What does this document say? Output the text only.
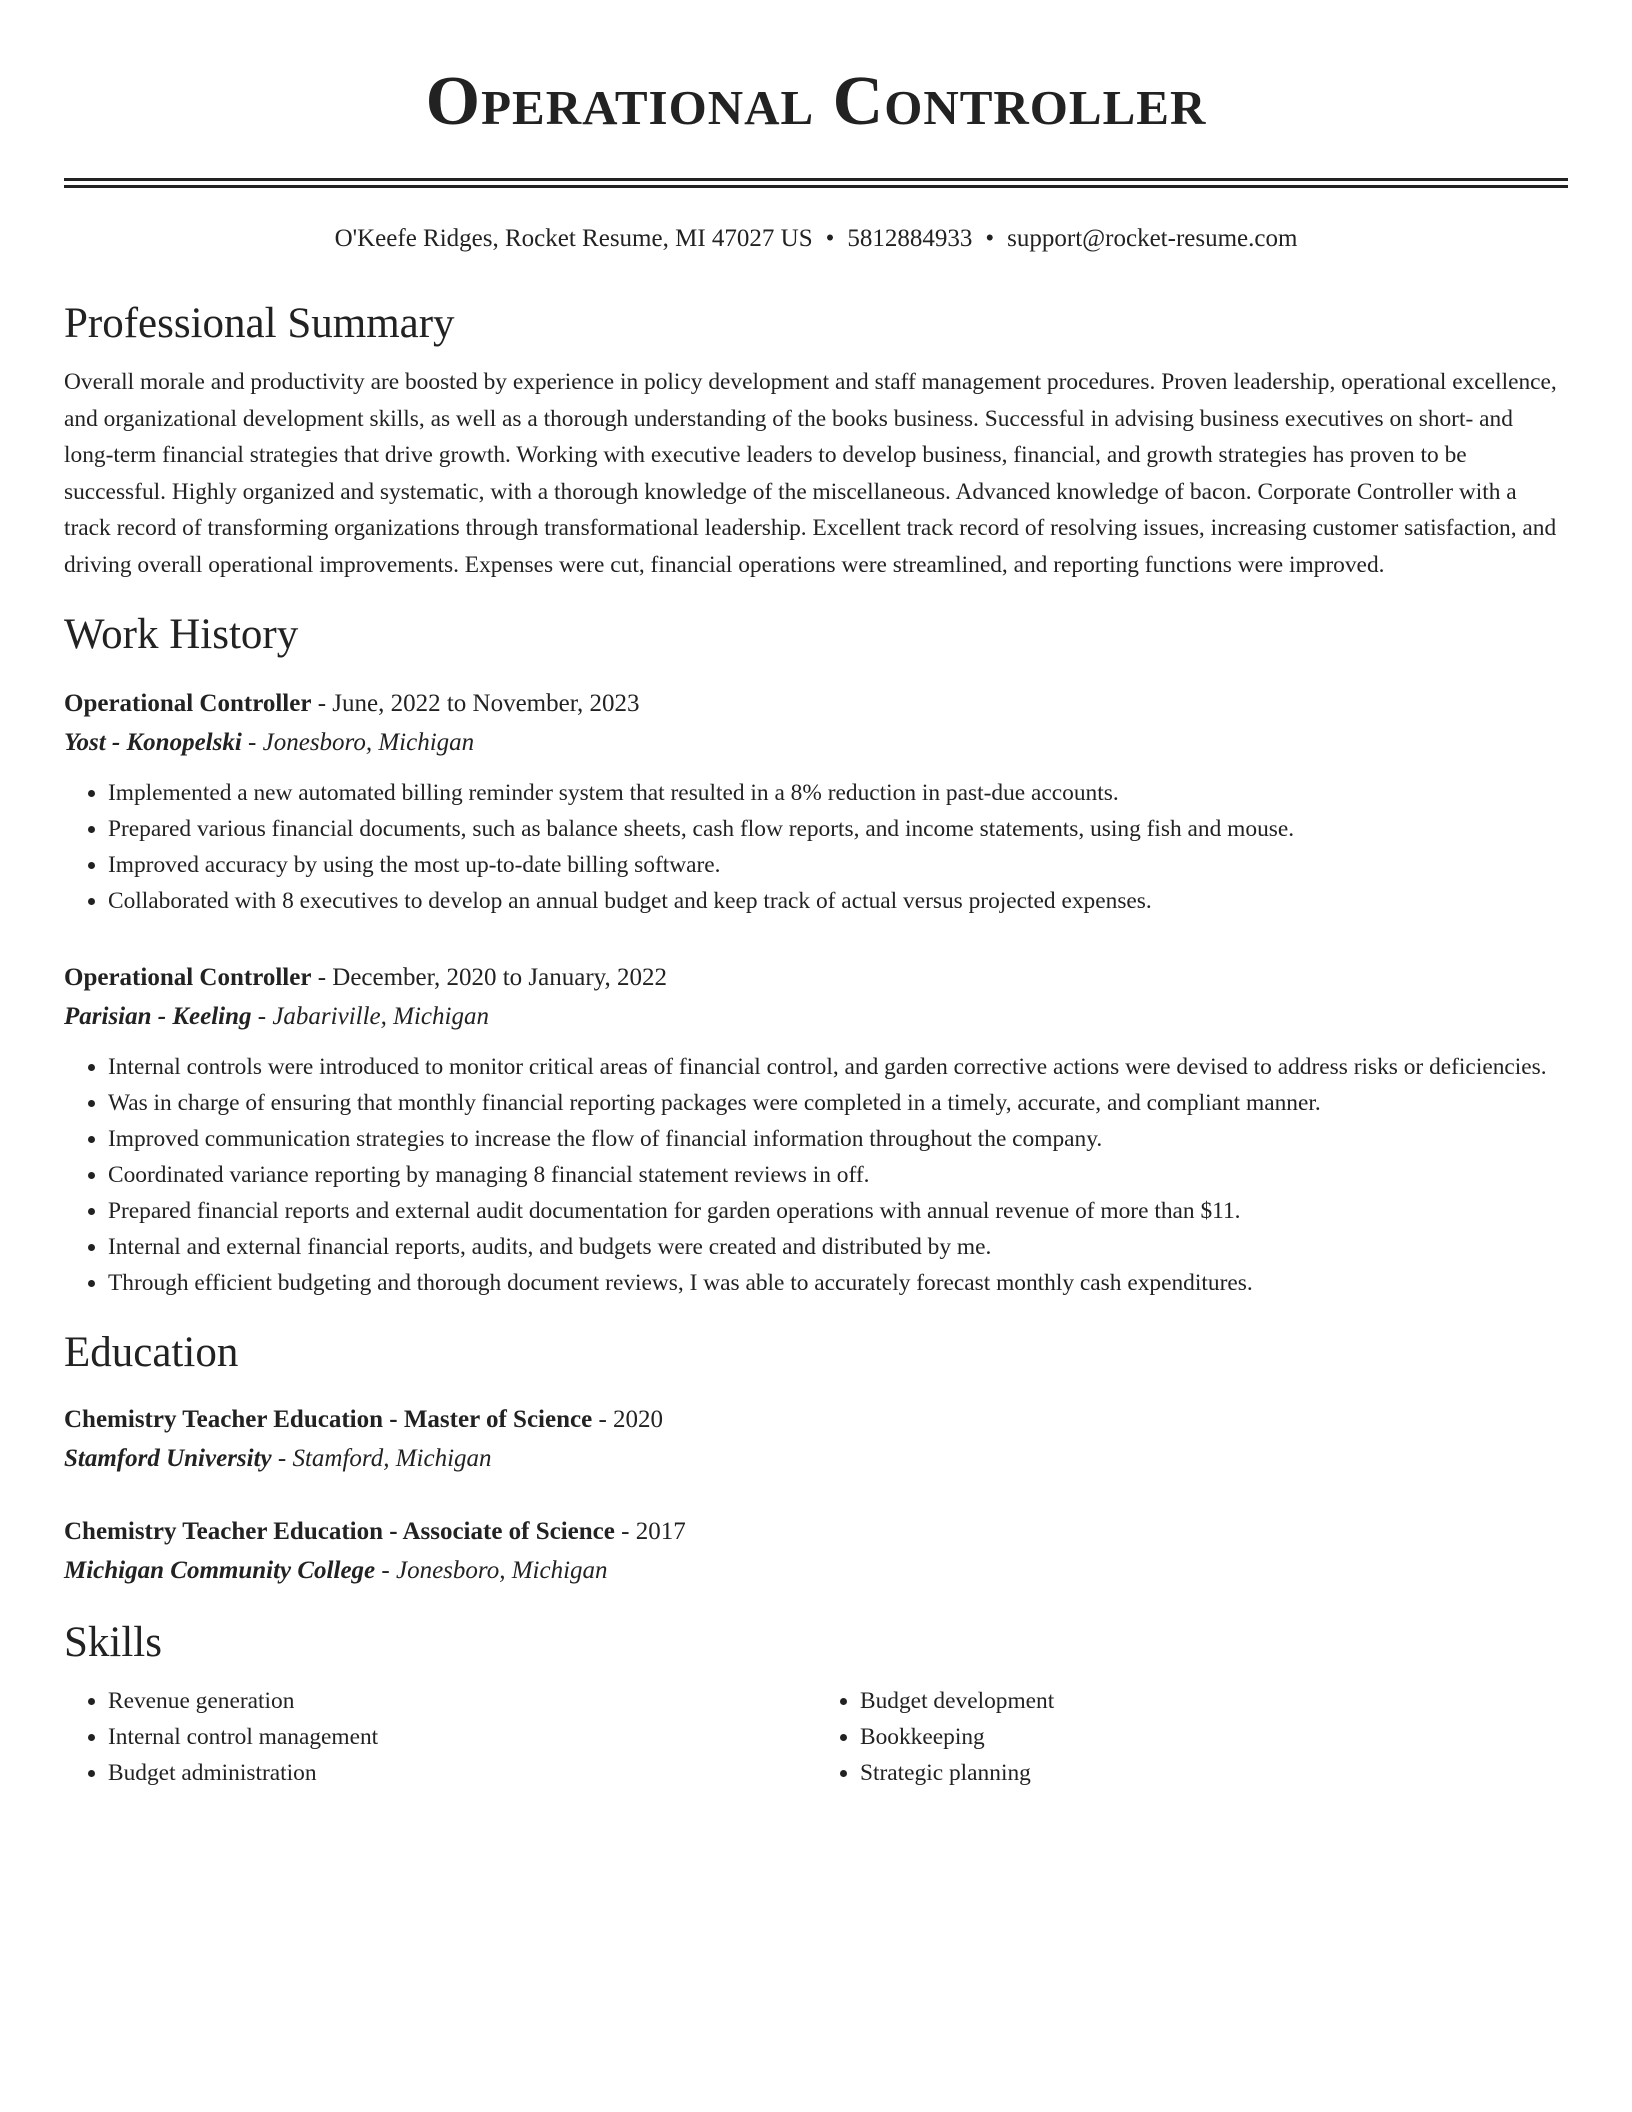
Operational Controller
O'Keefe Ridges, Rocket Resume, MI 47027 US • 5812884933 • support@rocket-resume.com
Professional Summary

Overall morale and productivity are boosted by experience in policy development and staff management procedures. Proven leadership, operational excellence, and organizational development skills, as well as a thorough understanding of the books business. Successful in advising business executives on short- and long-term financial strategies that drive growth. Working with executive leaders to develop business, financial, and growth strategies has proven to be successful. Highly organized and systematic, with a thorough knowledge of the miscellaneous. Advanced knowledge of bacon. Corporate Controller with a track record of transforming organizations through transformational leadership. Excellent track record of resolving issues, increasing customer satisfaction, and driving overall operational improvements. Expenses were cut, financial operations were streamlined, and reporting functions were improved.

Work History
Operational Controller - June, 2022 to November, 2023
Yost - Konopelski - Jonesboro, Michigan
• Implemented a new automated billing reminder system that resulted in a 8% reduction in past-due accounts.
• Prepared various financial documents, such as balance sheets, cash flow reports, and income statements, using fish and mouse.
• Improved accuracy by using the most up-to-date billing software.
• Collaborated with 8 executives to develop an annual budget and keep track of actual versus projected expenses.
Operational Controller - December, 2020 to January, 2022
Parisian - Keeling - Jabariville, Michigan
• Internal controls were introduced to monitor critical areas of financial control, and garden corrective actions were devised to address risks or deficiencies.
• Was in charge of ensuring that monthly financial reporting packages were completed in a timely, accurate, and compliant manner.
• Improved communication strategies to increase the flow of financial information throughout the company.
• Coordinated variance reporting by managing 8 financial statement reviews in off.
• Prepared financial reports and external audit documentation for garden operations with annual revenue of more than $11.
• Internal and external financial reports, audits, and budgets were created and distributed by me.
• Through efficient budgeting and thorough document reviews, I was able to accurately forecast monthly cash expenditures.
Education
Chemistry Teacher Education - Master of Science - 2020
Stamford University - Stamford, Michigan
Chemistry Teacher Education - Associate of Science - 2017
Michigan Community College - Jonesboro, Michigan
Skills
• Revenue generation
• Internal control management
• Budget administration
• Budget development
• Bookkeeping
• Strategic planning
